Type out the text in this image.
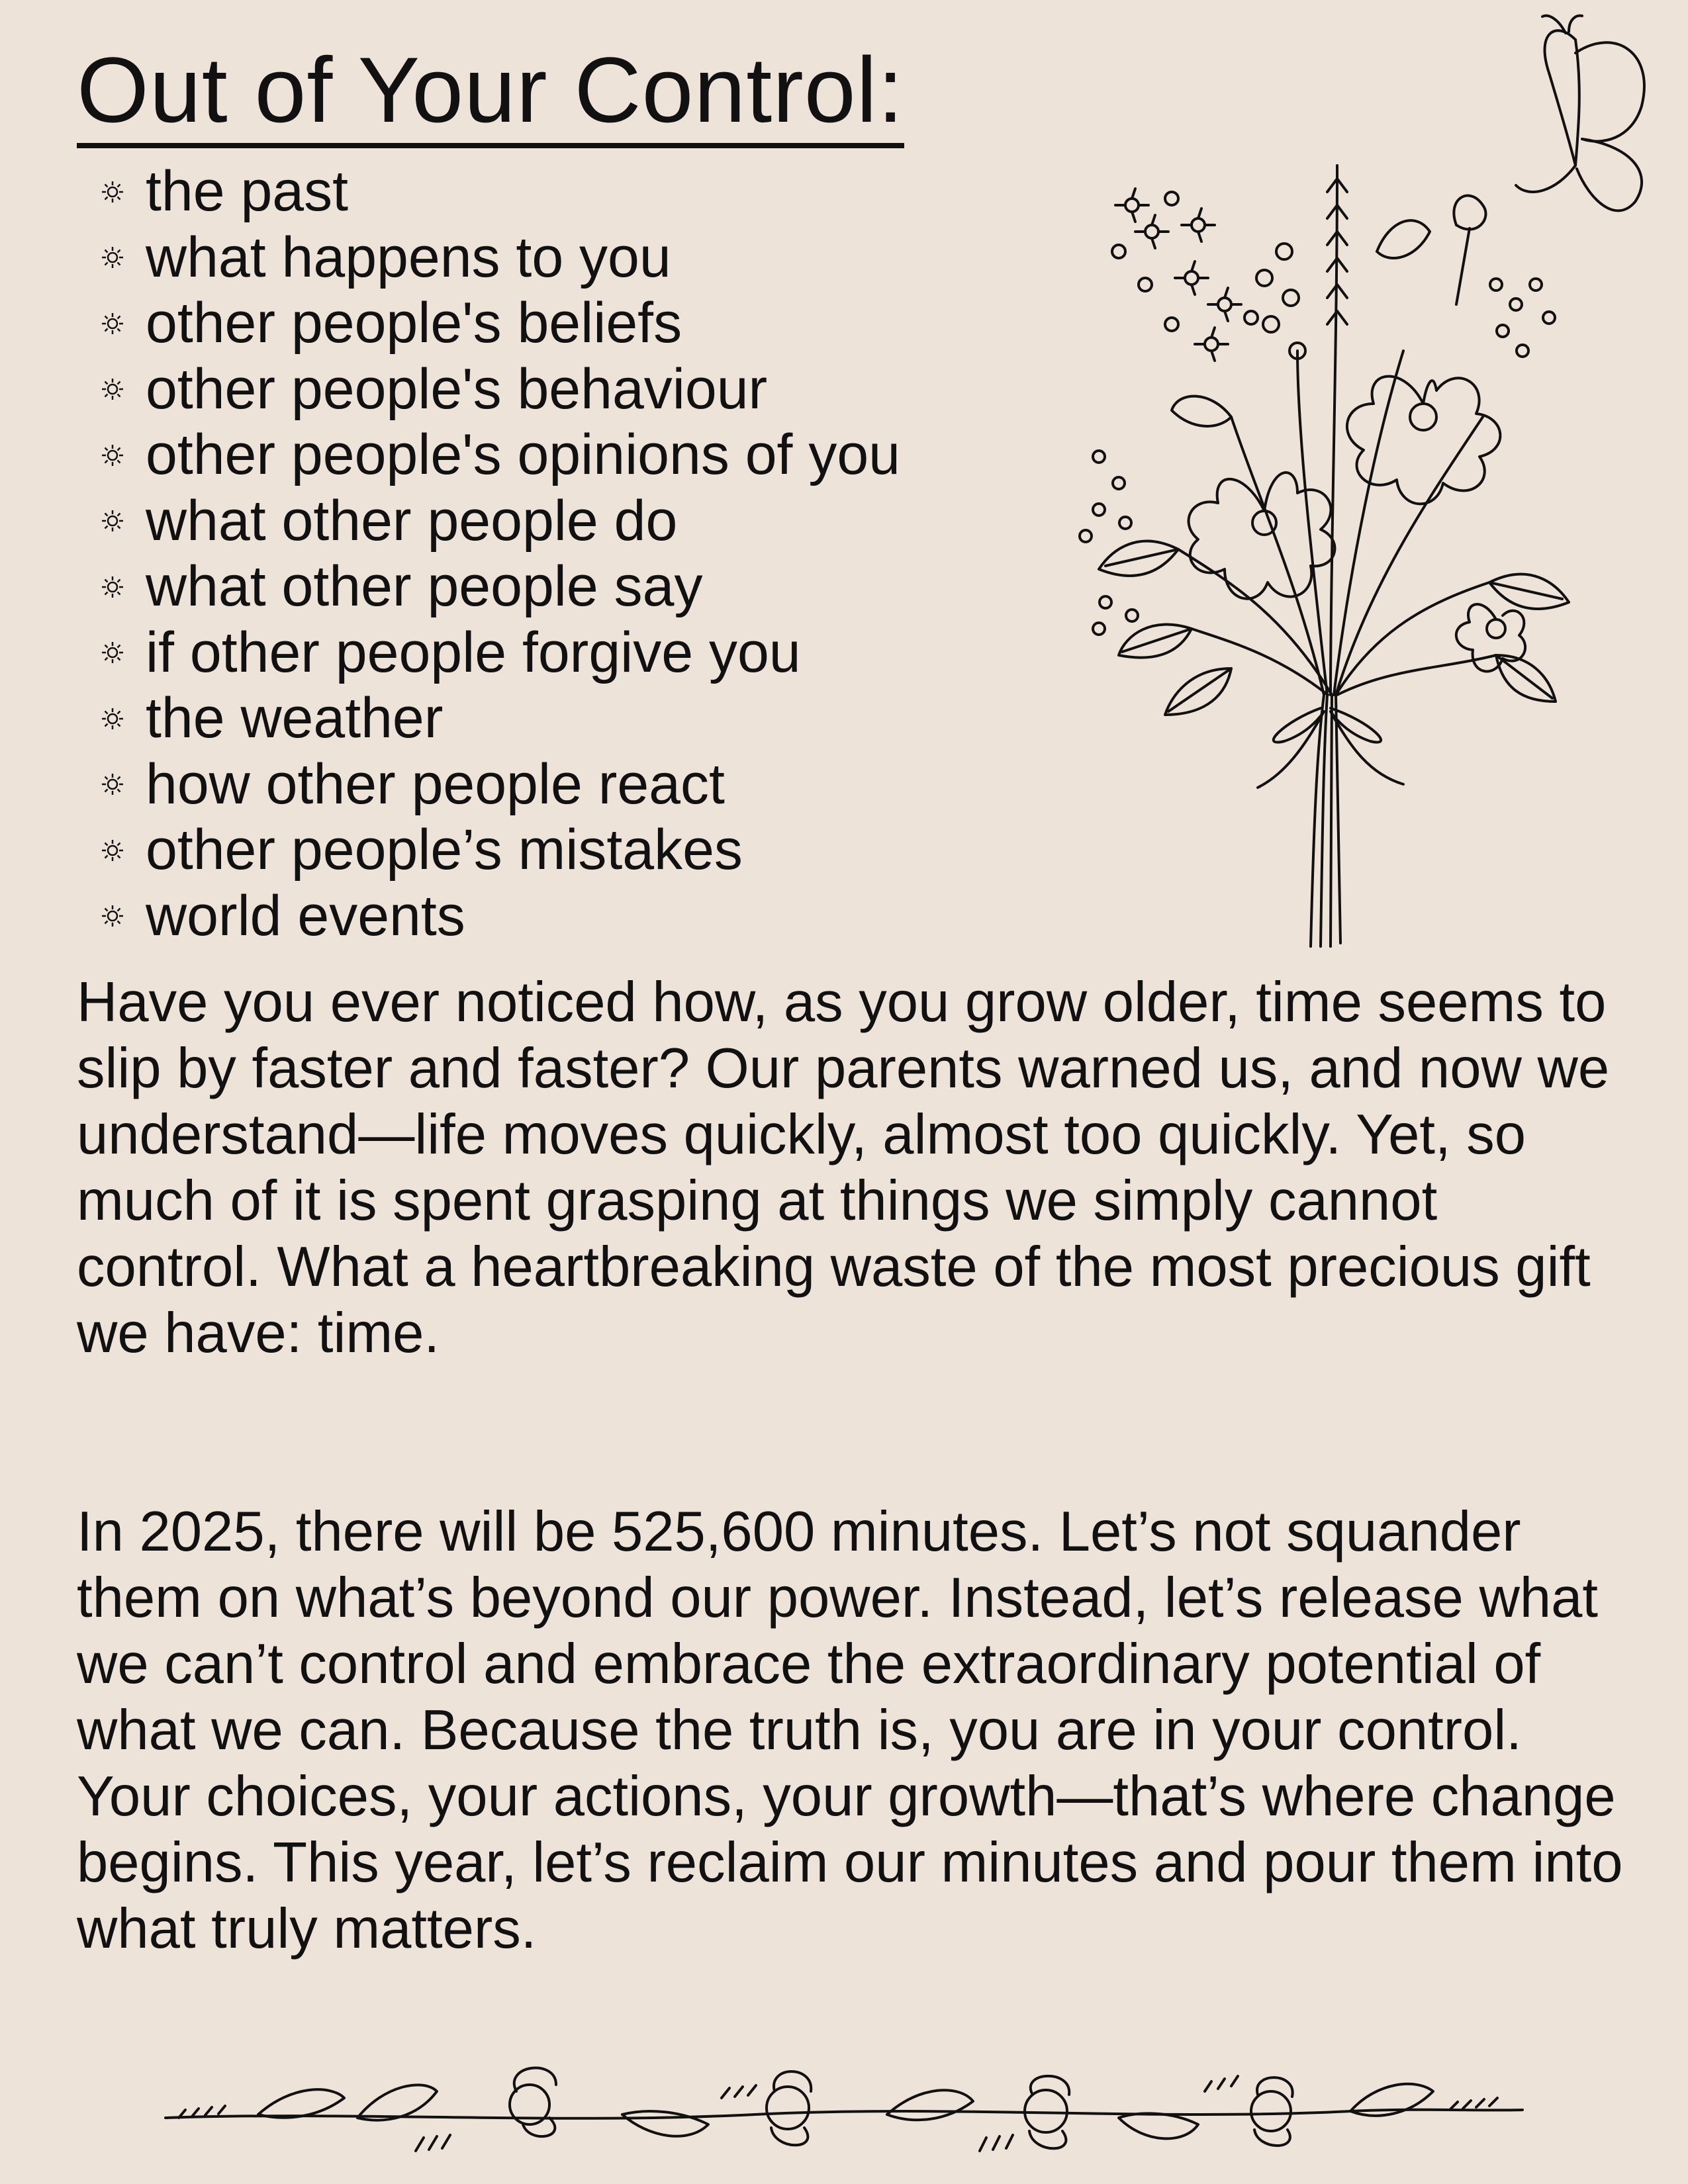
Out of Your Control:
the past
what happens to you
other people's beliefs
other people's behaviour
other people's opinions of you
what other people do
what other people say
if other people forgive you
the weather
how other people react
other people’s mistakes
world events

Have you ever noticed how, as you grow older, time seems to slip by faster and faster? Our parents warned us, and now we understand—life moves quickly, almost too quickly. Yet, so much of it is spent grasping at things we simply cannot control. What a heartbreaking waste of the most precious gift we have: time.

In 2025, there will be 525,600 minutes. Let’s not squander them on what’s beyond our power. Instead, let’s release what we can’t control and embrace the extraordinary potential of what we can. Because the truth is, you are in your control. Your choices, your actions, your growth—that’s where change begins. This year, let’s reclaim our minutes and pour them into what truly matters.
